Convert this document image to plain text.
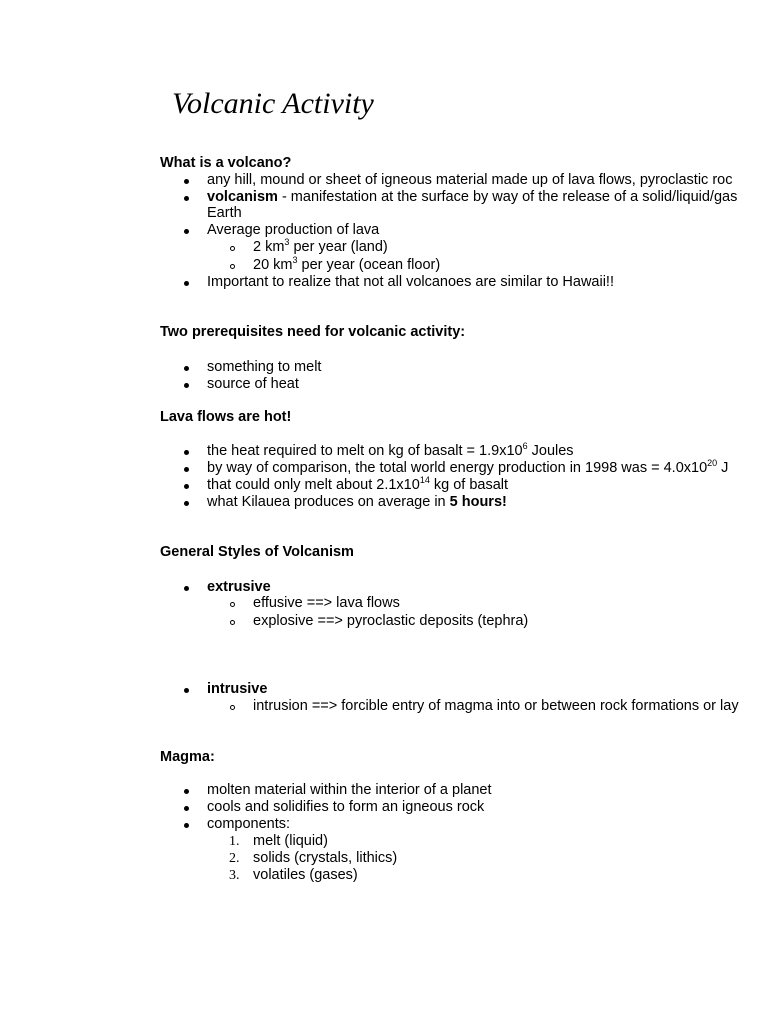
Volcanic Activity
What is a volcano?
any hill, mound or sheet of igneous material made up of lava flows, pyroclastic roc
volcanism - manifestation at the surface by way of the release of a solid/liquid/gas
Earth
Average production of lava
2 $km^3$ per year (land)
20 $km^3$ per year (ocean floor)
Important to realize that not all volcanoes are similar to Hawaii!!
Two prerequisites need for volcanic activity:
something to melt
source of heat
Lava flows are hot!
the heat required to melt on kg of basalt = $1.9x10^6$ Joules
by way of comparison, the total world energy production in 1998 was = $4.0x10^{20}$ J
that could only melt about $2.1x10^{14}$ kg of basalt
what Kilauea produces on average in 5 hours!
General Styles of Volcanism
extrusive
effusive ==> lava flows
explosive ==> pyroclastic deposits (tephra)
intrusive
intrusion ==> forcible entry of magma into or between rock formations or lay
Magma:
molten material within the interior of a planet
cools and solidifies to form an igneous rock
components:
1. melt (liquid)
2. solids (crystals, lithics)
3. volatiles (gases)
